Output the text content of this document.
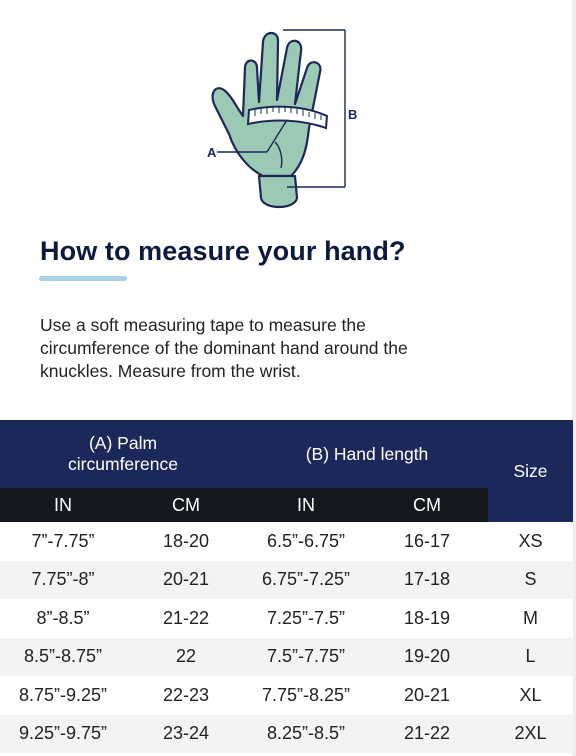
A
B
How to measure your hand?

Use a soft measuring tape to measure the circumference of the dominant hand around the knuckles. Measure from the wrist.

(A) Palm circumference		(B) Hand length		Size
IN	CM	IN	CM	
7”-7.75”	18-20	6.5”-6.75”	16-17	XS
7.75”-8”	20-21	6.75”-7.25”	17-18	S
8”-8.5”	21-22	7.25”-7.5”	18-19	M
8.5”-8.75”	22	7.5”-7.75”	19-20	L
8.75”-9.25”	22-23	7.75”-8.25”	20-21	XL
9.25”-9.75”	23-24	8.25”-8.5”	21-22	2XL
